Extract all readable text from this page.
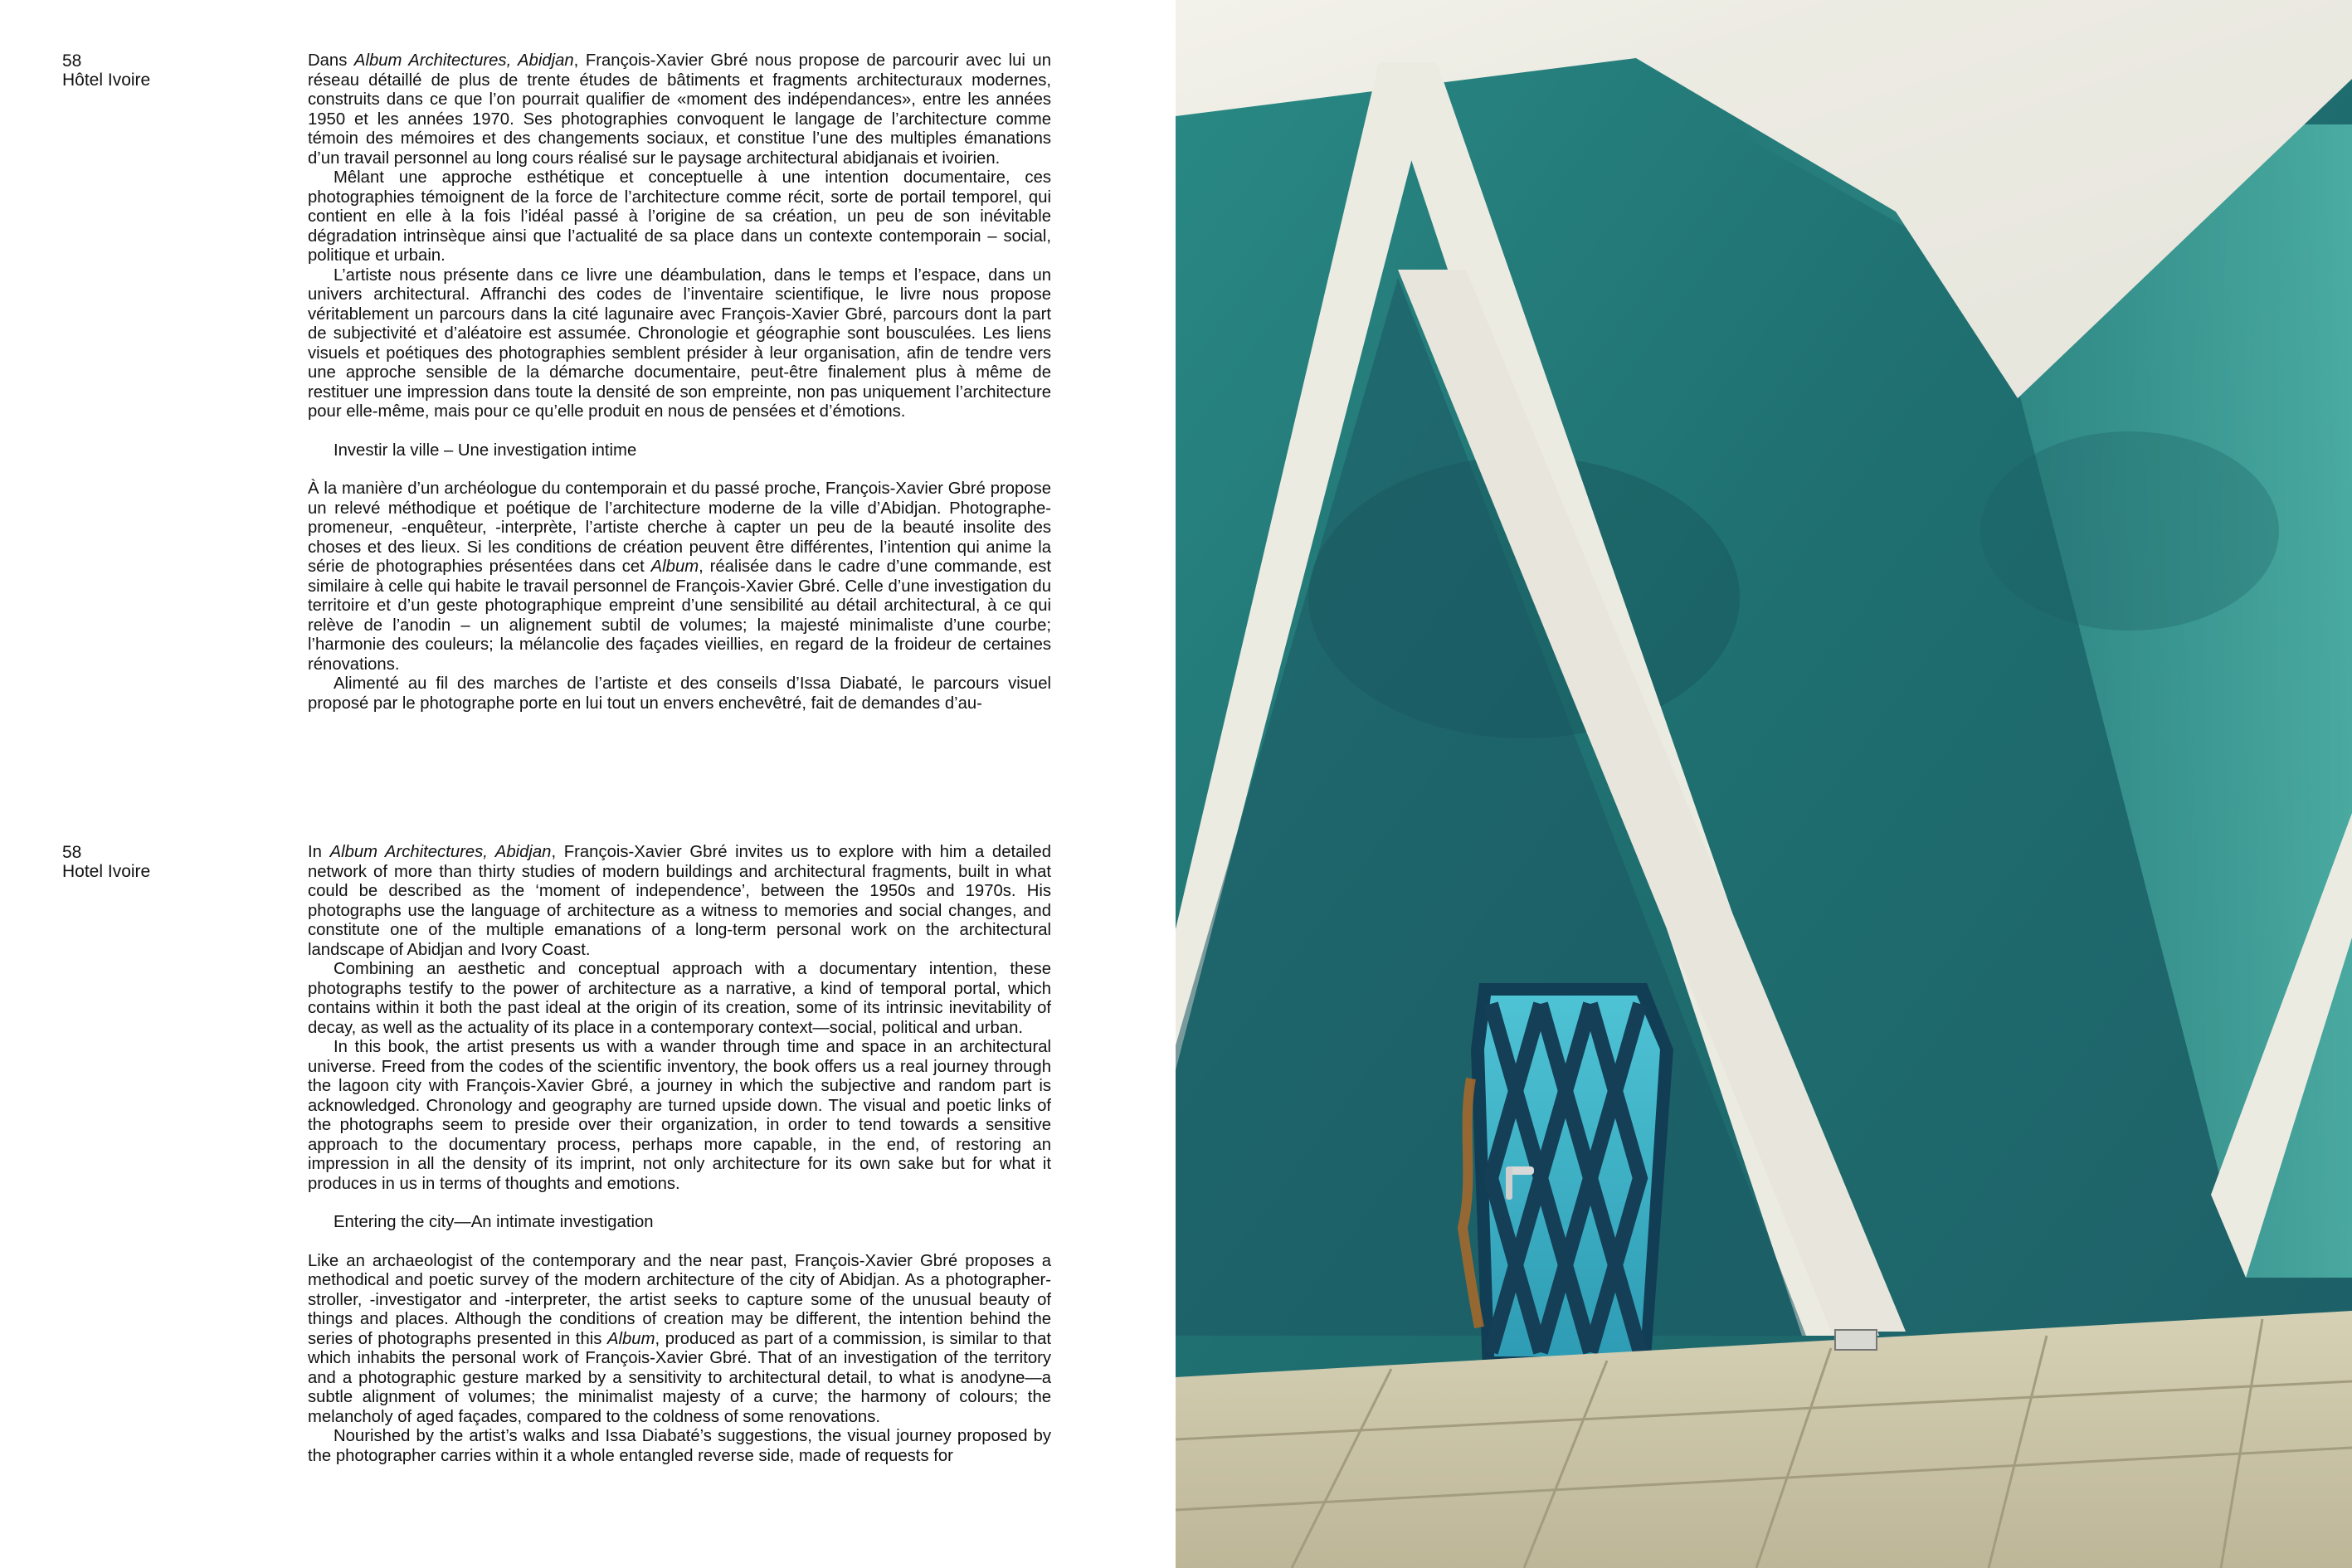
58
Hôtel Ivoire

Dans Album Architectures, Abidjan, François-Xavier Gbré nous propose de parcourir avec lui un réseau détaillé de plus de trente études de bâtiments et fragments architecturaux modernes, construits dans ce que l’on pourrait qualifier de «moment des indépendances», entre les années 1950 et les années 1970. Ses photographies convoquent le langage de l’architecture comme témoin des mémoires et des changements sociaux, et constitue l’une des multiples émanations d’un travail personnel au long cours réalisé sur le paysage architectural abidjanais et ivoirien.

Mêlant une approche esthétique et conceptuelle à une intention documentaire, ces photographies témoignent de la force de l’architecture comme récit, sorte de portail temporel, qui contient en elle à la fois l’idéal passé à l’origine de sa création, un peu de son inévitable dégradation intrinsèque ainsi que l’actualité de sa place dans un contexte contemporain – social, politique et urbain.

L’artiste nous présente dans ce livre une déambulation, dans le temps et l’espace, dans un univers architectural. Affranchi des codes de l’inventaire scientifique, le livre nous propose véritablement un parcours dans la cité lagunaire avec François-Xavier Gbré, parcours dont la part de subjectivité et d’aléatoire est assumée. Chronologie et géographie sont bousculées. Les liens visuels et poétiques des photographies semblent présider à leur organisation, afin de tendre vers une approche sensible de la démarche documentaire, peut-être finalement plus à même de restituer une impression dans toute la densité de son empreinte, non pas uniquement l’architecture pour elle-même, mais pour ce qu’elle produit en nous de pensées et d’émotions.

Investir la ville – Une investigation intime

À la manière d’un archéologue du contemporain et du passé proche, François-Xavier Gbré propose un relevé méthodique et poétique de l’architecture moderne de la ville d’Abidjan. Photographe-promeneur, -enquêteur, -interprète, l’artiste cherche à capter un peu de la beauté insolite des choses et des lieux. Si les conditions de création peuvent être différentes, l’intention qui anime la série de photographies présentées dans cet Album, réalisée dans le cadre d’une commande, est similaire à celle qui habite le travail personnel de François-Xavier Gbré. Celle d’une investigation du territoire et d’un geste photographique empreint d’une sensibilité au détail architectural, à ce qui relève de l’anodin – un alignement subtil de volumes; la majesté minimaliste d’une courbe; l’harmonie des couleurs; la mélancolie des façades vieillies, en regard de la froideur de certaines rénovations.

Alimenté au fil des marches de l’artiste et des conseils d’Issa Diabaté, le parcours visuel proposé par le photographe porte en lui tout un envers enchevêtré, fait de demandes d’au-

58
Hotel Ivoire

In Album Architectures, Abidjan, François-Xavier Gbré invites us to explore with him a detailed network of more than thirty studies of modern buildings and architectural fragments, built in what could be described as the ‘moment of independence’, between the 1950s and 1970s. His photographs use the language of architecture as a witness to memories and social changes, and constitute one of the multiple emanations of a long-term personal work on the architectural landscape of Abidjan and Ivory Coast.

Combining an aesthetic and conceptual approach with a documentary intention, these photographs testify to the power of architecture as a narrative, a kind of temporal portal, which contains within it both the past ideal at the origin of its creation, some of its intrinsic inevitability of decay, as well as the actuality of its place in a contemporary context—social, political and urban.

In this book, the artist presents us with a wander through time and space in an architectural universe. Freed from the codes of the scientific inventory, the book offers us a real journey through the lagoon city with François-Xavier Gbré, a journey in which the subjective and random part is acknowledged. Chronology and geography are turned upside down. The visual and poetic links of the photographs seem to preside over their organization, in order to tend towards a sensitive approach to the documentary process, perhaps more capable, in the end, of restoring an impression in all the density of its imprint, not only architecture for its own sake but for what it produces in us in terms of thoughts and emotions.

Entering the city—An intimate investigation

Like an archaeologist of the contemporary and the near past, François-Xavier Gbré proposes a methodical and poetic survey of the modern architecture of the city of Abidjan. As a photographer-stroller, -investigator and -interpreter, the artist seeks to capture some of the unusual beauty of things and places. Although the conditions of creation may be different, the intention behind the series of photographs presented in this Album, produced as part of a commission, is similar to that which inhabits the personal work of François-Xavier Gbré. That of an investigation of the territory and a photographic gesture marked by a sensitivity to architectural detail, to what is anodyne—a subtle alignment of volumes; the minimalist majesty of a curve; the harmony of colours; the melancholy of aged façades, compared to the coldness of some renovations.

Nourished by the artist’s walks and Issa Diabaté’s suggestions, the visual journey proposed by the photographer carries within it a whole entangled reverse side, made of requests for
